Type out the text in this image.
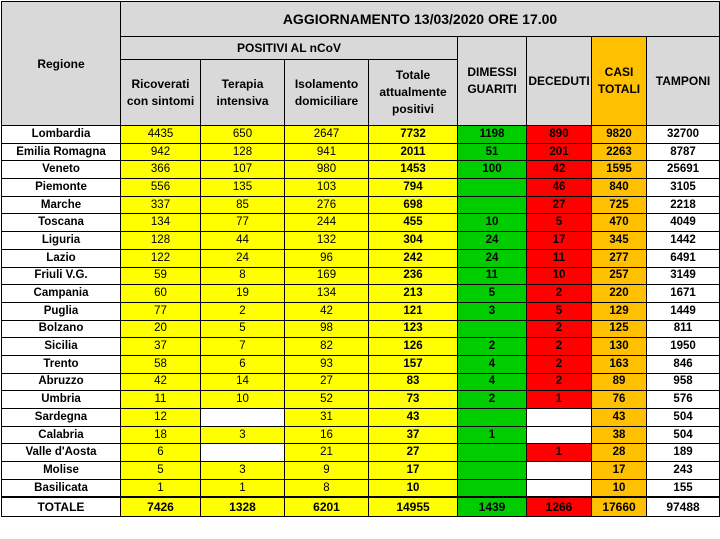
Regione	AGGIORNAMENTO 13/03/2020 ORE 17.00							
	POSITIVI AL nCoV				DIMESSI GUARITI	DECEDUTI	CASI TOTALI	TAMPONI
	Ricoverati con sintomi	Terapia intensiva	Isolamento domiciliare	Totale attualmente positivi				
Lombardia	4435	650	2647	7732	1198	890	9820	32700
Emilia Romagna	942	128	941	2011	51	201	2263	8787
Veneto	366	107	980	1453	100	42	1595	25691
Piemonte	556	135	103	794		46	840	3105
Marche	337	85	276	698		27	725	2218
Toscana	134	77	244	455	10	5	470	4049
Liguria	128	44	132	304	24	17	345	1442
Lazio	122	24	96	242	24	11	277	6491
Friuli V.G.	59	8	169	236	11	10	257	3149
Campania	60	19	134	213	5	2	220	1671
Puglia	77	2	42	121	3	5	129	1449
Bolzano	20	5	98	123		2	125	811
Sicilia	37	7	82	126	2	2	130	1950
Trento	58	6	93	157	4	2	163	846
Abruzzo	42	14	27	83	4	2	89	958
Umbria	11	10	52	73	2	1	76	576
Sardegna	12		31	43			43	504
Calabria	18	3	16	37	1		38	504
Valle d'Aosta	6		21	27		1	28	189
Molise	5	3	9	17			17	243
Basilicata	1	1	8	10			10	155
TOTALE	7426	1328	6201	14955	1439	1266	17660	97488
